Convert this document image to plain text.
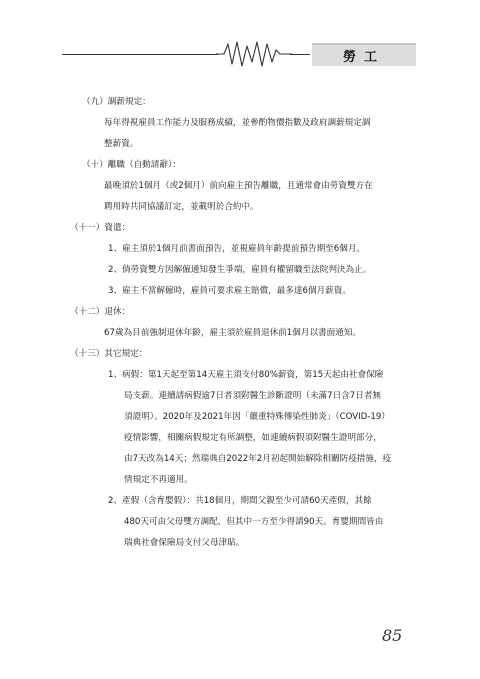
勞工
（九）調薪規定：
每年得視雇員工作能力及服務成績，並參酌物價指數及政府調薪規定調
整薪資。
（十）離職（自動請辭）：
最晚須於1個月（或2個月）前向雇主預告離職，且通常會由勞資雙方在
聘用時共同協議訂定，並載明於合約中。
（十一）資遣：
1、雇主須於1個月前書面預告，並視雇員年齡提前預告期至6個月。
2、倘勞資雙方因解僱通知發生爭端，雇員有權留職至法院判決為止。
3、雇主不當解僱時，雇員可要求雇主賠償，最多達6個月薪資。
（十二）退休：
67歲為目前強制退休年齡，雇主須於雇員退休前1個月以書面通知。
（十三）其它規定：
1、病假：第1天起至第14天雇主須支付80%薪資，第15天起由社會保險
局支薪。連續請病假逾7日者須附醫生診斷證明（未滿7日含7日者無
須證明）。2020年及2021年因「嚴重特殊傳染性肺炎」（COVID-19）
疫情影響，相關病假規定有所調整，如連續病假須附醫生證明部分，
由7天改為14天；然瑞典自2022年2月初起開始解除相關防疫措施，疫
情規定不再適用。
2、產假（含育嬰假）：共18個月，期間父親至少可請60天產假，其餘
480天可由父母雙方調配，但其中一方至少得請90天。育嬰期間皆由
瑞典社會保險局支付父母津貼。
85
